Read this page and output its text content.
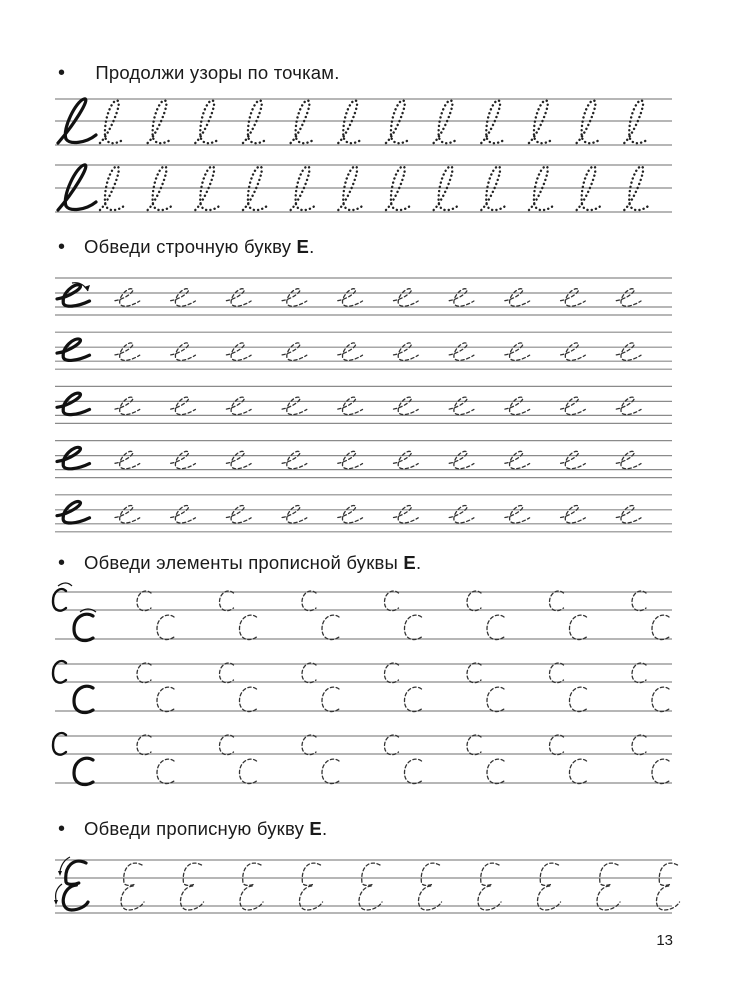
• Продолжи узоры по точкам.
• Обведи строчную букву Е.
• Обведи элементы прописной буквы Е.
• Обведи прописную букву Е.
13
